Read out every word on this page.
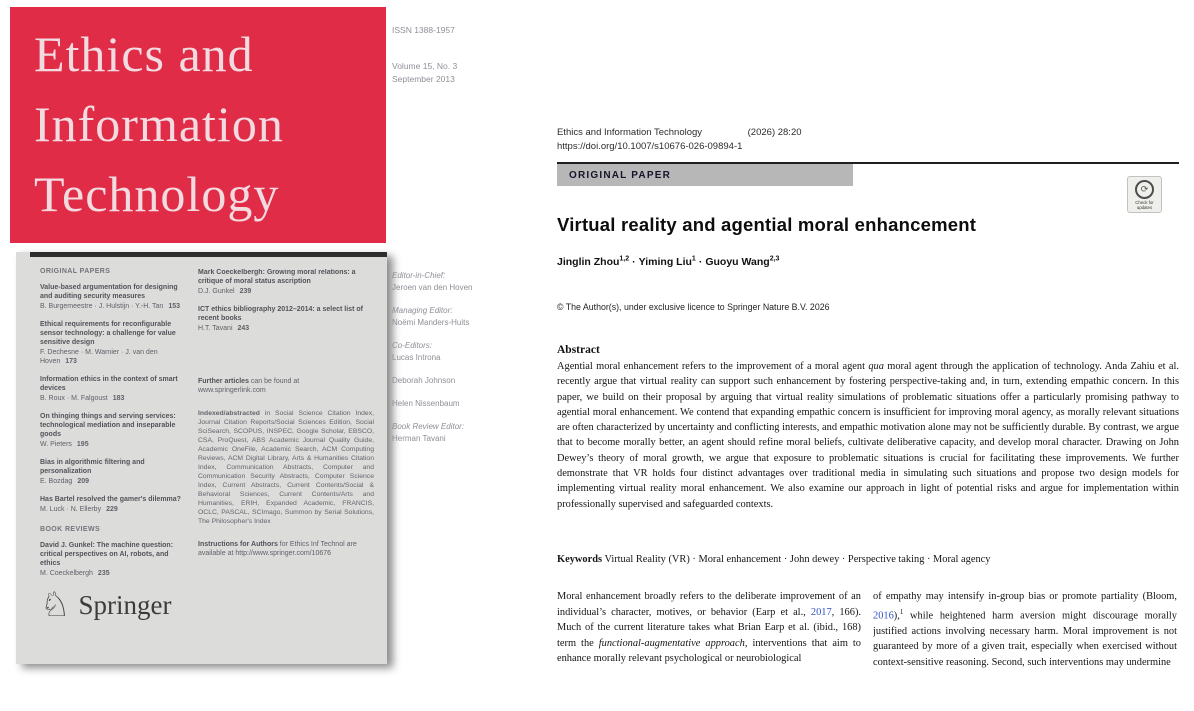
Ethics and
Information
Technology
ISSN 1388-1957
Volume 15, No. 3
September 2013
ORIGINAL PAPERS
Value-based argumentation for designing and auditing security measures
B. Burgemeestre · J. Hulstijn · Y.-H. Tan 153
Ethical requirements for reconfigurable sensor technology: a challenge for value sensitive design
F. Dechesne · M. Warnier · J. van den Hoven 173
Information ethics in the context of smart devices
B. Roux · M. Falgoust 183
On thinging things and serving services: technological mediation and inseparable goods
W. Pieters 195
Bias in algorithmic filtering and personalization
E. Bozdag 209
Has Bartel resolved the gamer's dilemma?
M. Luck · N. Ellerby 229
BOOK REVIEWS
David J. Gunkel: The machine question: critical perspectives on AI, robots, and ethics
M. Coeckelbergh 235
Mark Coeckelbergh: Growing moral relations: a critique of moral status ascription
D.J. Gunkel 239
ICT ethics bibliography 2012–2014: a select list of recent books
H.T. Tavani 243
Further articles can be found at
www.springerlink.com
Indexed/abstracted in Social Science Citation Index, Journal Citation Reports/Social Sciences Edition, Social SciSearch, SCOPUS, INSPEC, Google Scholar, EBSCO, CSA, ProQuest, ABS Academic Journal Quality Guide, Academic OneFile, Academic Search, ACM Computing Reviews, ACM Digital Library, Arts & Humanities Citation Index, Communication Abstracts, Computer and Communication Security Abstracts, Computer Science Index, Current Abstracts, Current Contents/Social & Behavioral Sciences, Current Contents/Arts and Humanities, ERIH, Expanded Academic, FRANCIS, OCLC, PASCAL, SCImago, Summon by Serial Solutions, The Philosopher's Index
Instructions for Authors for Ethics Inf Technol are available at http://www.springer.com/10676
♘ Springer
Editor-in-Chief:
Jeroen van den Hoven
Managing Editor:
Noëmi Manders-Huits
Co-Editors:
Lucas Introna
Deborah Johnson
Helen Nissenbaum
Book Review Editor:
Herman Tavani
Ethics and Information Technology	(2026) 28:20
https://doi.org/10.1007/s10676-026-09894-1
ORIGINAL PAPER
⟳
Check for
updates
Virtual reality and agential moral enhancement
Jinglin Zhou$^{1,2}$ · Yiming Liu$^1$ · Guoyu Wang$^{2,3}$
© The Author(s), under exclusive licence to Springer Nature B.V. 2026
Abstract
Agential moral enhancement refers to the improvement of a moral agent qua moral agent through the application of technology. Anda Zahiu et al. recently argue that virtual reality can support such enhancement by fostering perspective-taking and, in turn, extending empathic concern. In this paper, we build on their proposal by arguing that virtual reality simulations of problematic situations offer a particularly promising pathway to agential moral enhancement. We contend that expanding empathic concern is insufficient for improving moral agency, as morally relevant situations are often characterized by uncertainty and conflicting interests, and empathic motivation alone may not be sufficiently durable. By contrast, we argue that to become morally better, an agent should refine moral beliefs, cultivate deliberative capacity, and develop moral character. Drawing on John Dewey’s theory of moral growth, we argue that exposure to problematic situations is crucial for facilitating these improvements. We further demonstrate that VR holds four distinct advantages over traditional media in simulating such situations and propose two design models for implementing virtual reality moral enhancement. We also examine our approach in light of potential risks and argue for implementation within professionally supervised and safeguarded contexts.
Keywords Virtual Reality (VR) · Moral enhancement · John dewey · Perspective taking · Moral agency
Moral enhancement broadly refers to the deliberate improvement of an individual’s character, motives, or behavior (Earp et al., 2017, 166). Much of the current literature takes what Brian Earp et al. (ibid., 168) term the functional-augmentative approach, interventions that aim to enhance morally relevant psychological or neurobiological
of empathy may intensify in-group bias or promote partiality (Bloom, 2016),$^1$ while heightened harm aversion might discourage morally justified actions involving necessary harm. Moral improvement is not guaranteed by more of a given trait, especially when exercised without context-sensitive reasoning. Second, such interventions may undermine
